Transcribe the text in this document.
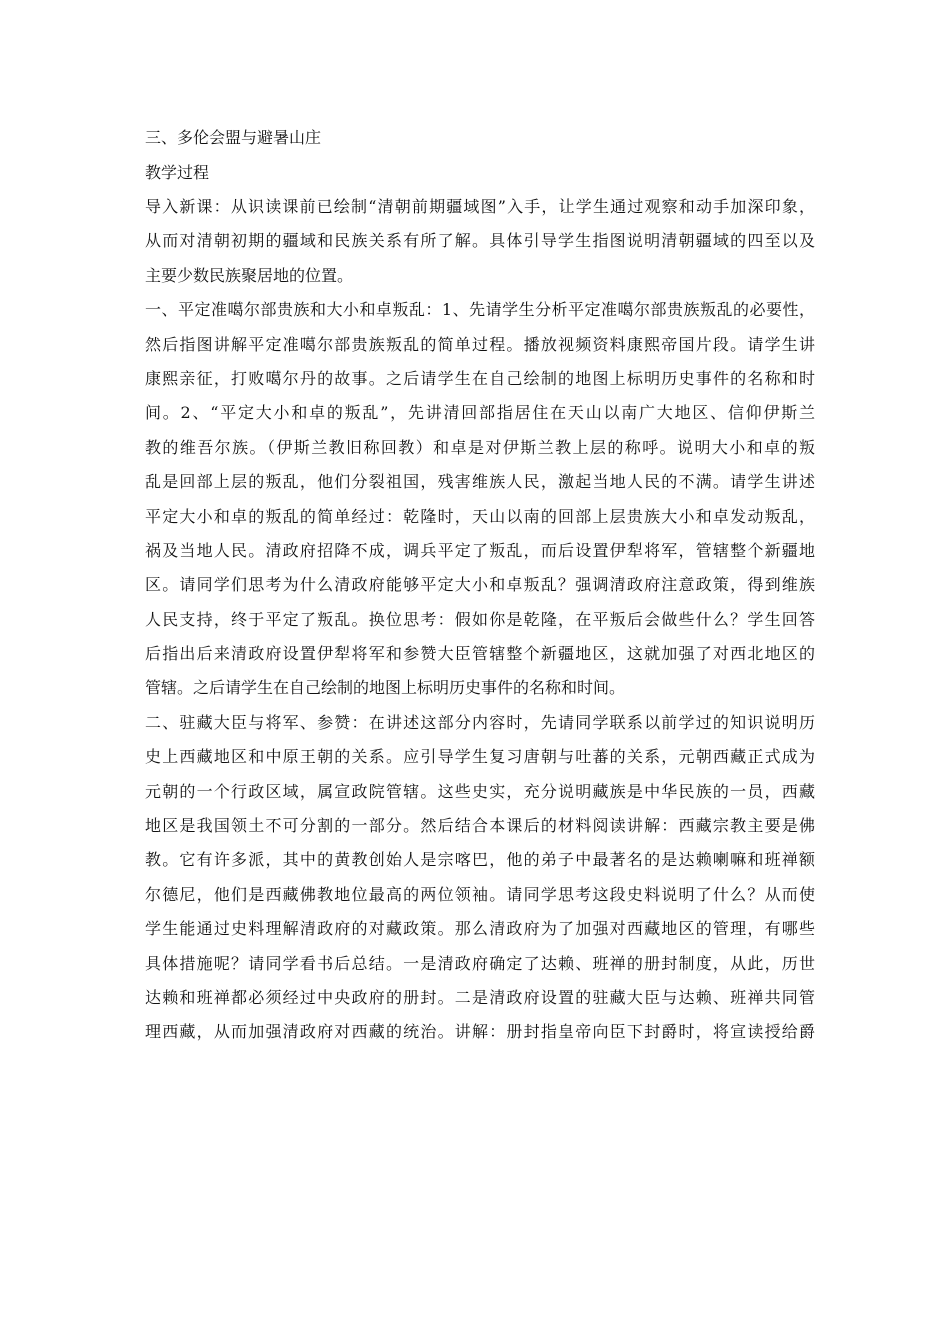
三、多伦会盟与避暑山庄
教学过程
导入新课：从识读课前已绘制“清朝前期疆域图”入手，让学生通过观察和动手加深印象，
从而对清朝初期的疆域和民族关系有所了解。具体引导学生指图说明清朝疆域的四至以及
主要少数民族聚居地的位置。
一、平定准噶尔部贵族和大小和卓叛乱：1、先请学生分析平定准噶尔部贵族叛乱的必要性，
然后指图讲解平定准噶尔部贵族叛乱的简单过程。播放视频资料康熙帝国片段。请学生讲
康熙亲征，打败噶尔丹的故事。之后请学生在自己绘制的地图上标明历史事件的名称和时
间。2、“平定大小和卓的叛乱”，先讲清回部指居住在天山以南广大地区、信仰伊斯兰
教的维吾尔族。（伊斯兰教旧称回教）和卓是对伊斯兰教上层的称呼。说明大小和卓的叛
乱是回部上层的叛乱，他们分裂祖国，残害维族人民，激起当地人民的不满。请学生讲述
平定大小和卓的叛乱的简单经过：乾隆时，天山以南的回部上层贵族大小和卓发动叛乱，
祸及当地人民。清政府招降不成，调兵平定了叛乱，而后设置伊犁将军，管辖整个新疆地
区。请同学们思考为什么清政府能够平定大小和卓叛乱？强调清政府注意政策，得到维族
人民支持，终于平定了叛乱。换位思考：假如你是乾隆，在平叛后会做些什么？学生回答
后指出后来清政府设置伊犁将军和参赞大臣管辖整个新疆地区，这就加强了对西北地区的
管辖。之后请学生在自己绘制的地图上标明历史事件的名称和时间。
二、驻藏大臣与将军、参赞：在讲述这部分内容时，先请同学联系以前学过的知识说明历
史上西藏地区和中原王朝的关系。应引导学生复习唐朝与吐蕃的关系，元朝西藏正式成为
元朝的一个行政区域，属宣政院管辖。这些史实，充分说明藏族是中华民族的一员，西藏
地区是我国领土不可分割的一部分。然后结合本课后的材料阅读讲解：西藏宗教主要是佛
教。它有许多派，其中的黄教创始人是宗喀巴，他的弟子中最著名的是达赖喇嘛和班禅额
尔德尼，他们是西藏佛教地位最高的两位领袖。请同学思考这段史料说明了什么？从而使
学生能通过史料理解清政府的对藏政策。那么清政府为了加强对西藏地区的管理，有哪些
具体措施呢？请同学看书后总结。一是清政府确定了达赖、班禅的册封制度，从此，历世
达赖和班禅都必须经过中央政府的册封。二是清政府设置的驻藏大臣与达赖、班禅共同管
理西藏，从而加强清政府对西藏的统治。讲解：册封指皇帝向臣下封爵时，将宣读授给爵
